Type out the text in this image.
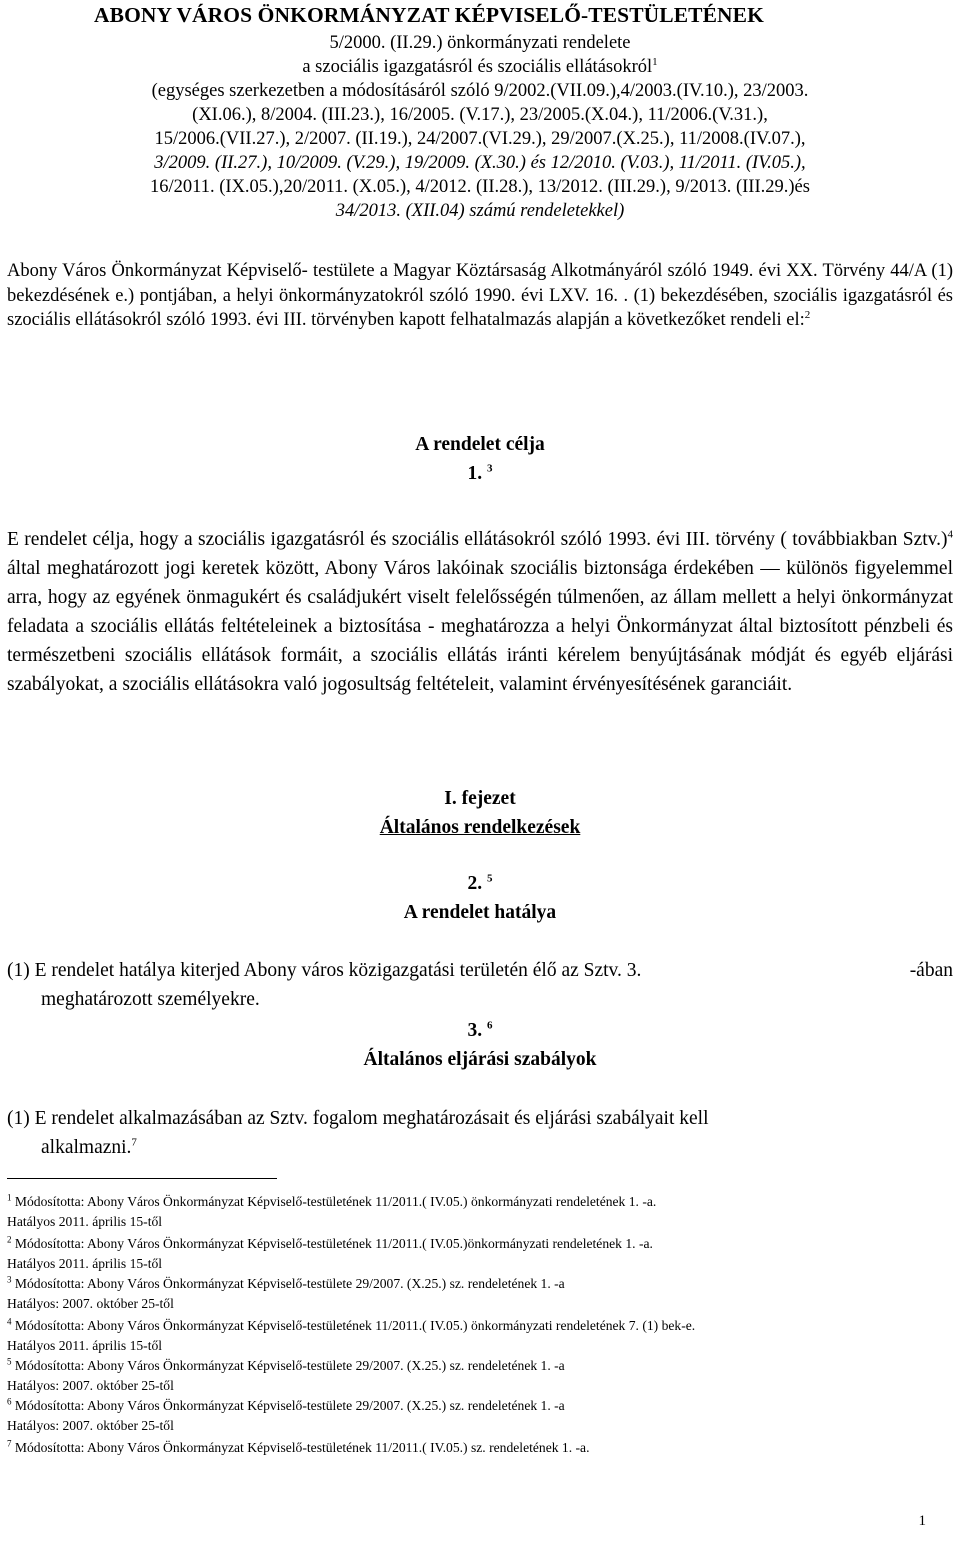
ABONY VÁROS ÖNKORMÁNYZAT KÉPVISELŐ-TESTÜLETÉNEK
5/2000. (II.29.) önkormányzati rendelete
a szociális igazgatásról és szociális ellátásokról$^1$
(egységes szerkezetben a módosításáról szóló 9/2002.(VII.09.),4/2003.(IV.10.), 23/2003.
(XI.06.), 8/2004. (III.23.), 16/2005. (V.17.), 23/2005.(X.04.), 11/2006.(V.31.),
15/2006.(VII.27.), 2/2007. (II.19.), 24/2007.(VI.29.), 29/2007.(X.25.), 11/2008.(IV.07.),
3/2009. (II.27.), 10/2009. (V.29.), 19/2009. (X.30.) és 12/2010. (V.03.), 11/2011. (IV.05.),
16/2011. (IX.05.),20/2011. (X.05.), 4/2012. (II.28.), 13/2012. (III.29.), 9/2013. (III.29.)és
34/2013. (XII.04) számú rendeletekkel)
Abony Város Önkormányzat Képviselő- testülete a Magyar Köztársaság Alkotmányáról szóló 1949. évi XX. Törvény 44/A (1) bekezdésének e.) pontjában, a helyi önkormányzatokról szóló 1990. évi LXV. 16. . (1) bekezdésében, szociális igazgatásról és szociális ellátásokról szóló 1993. évi III. törvényben kapott felhatalmazás alapján a következőket rendeli el:$^2$
A rendelet célja
1. $^3$
E rendelet célja, hogy a szociális igazgatásról és szociális ellátásokról szóló 1993. évi III. törvény ( továbbiakban Sztv.)$^4$ által meghatározott jogi keretek között, Abony Város lakóinak szociális biztonsága érdekében — különös figyelemmel arra, hogy az egyének önmagukért és családjukért viselt felelősségén túlmenően, az állam mellett a helyi önkormányzat feladata a szociális ellátás feltételeinek a biztosítása - meghatározza a helyi Önkormányzat által biztosított pénzbeli és természetbeni szociális ellátások formáit, a szociális ellátás iránti kérelem benyújtásának módját és egyéb eljárási szabályokat, a szociális ellátásokra való jogosultság feltételeit, valamint érvényesítésének garanciáit.
I. fejezet
Általános rendelkezések
2. $^5$
A rendelet hatálya
(1) E rendelet hatálya kiterjed Abony város közigazgatási területén élő az Sztv. 3.	-ában
meghatározott személyekre.
3. $^6$
Általános eljárási szabályok
(1) E rendelet alkalmazásában az Sztv. fogalom meghatározásait és eljárási szabályait kell
alkalmazni.$^7$
$^1$ Módosította: Abony Város Önkormányzat Képviselő-testületének 11/2011.( IV.05.) önkormányzati rendeletének 1. -a.
Hatályos 2011. április 15-től
$^2$ Módosította: Abony Város Önkormányzat Képviselő-testületének 11/2011.( IV.05.)önkormányzati rendeletének 1. -a.
Hatályos 2011. április 15-től
$^3$ Módosította: Abony Város Önkormányzat Képviselő-testülete 29/2007. (X.25.) sz. rendeletének 1. -a
Hatályos: 2007. október 25-től
$^4$ Módosította: Abony Város Önkormányzat Képviselő-testületének 11/2011.( IV.05.) önkormányzati rendeletének 7. (1) bek-e.
Hatályos 2011. április 15-től
$^5$ Módosította: Abony Város Önkormányzat Képviselő-testülete 29/2007. (X.25.) sz. rendeletének 1. -a
Hatályos: 2007. október 25-től
$^6$ Módosította: Abony Város Önkormányzat Képviselő-testülete 29/2007. (X.25.) sz. rendeletének 1. -a
Hatályos: 2007. október 25-től
$^7$ Módosította: Abony Város Önkormányzat Képviselő-testületének 11/2011.( IV.05.) sz. rendeletének 1. -a.
1
